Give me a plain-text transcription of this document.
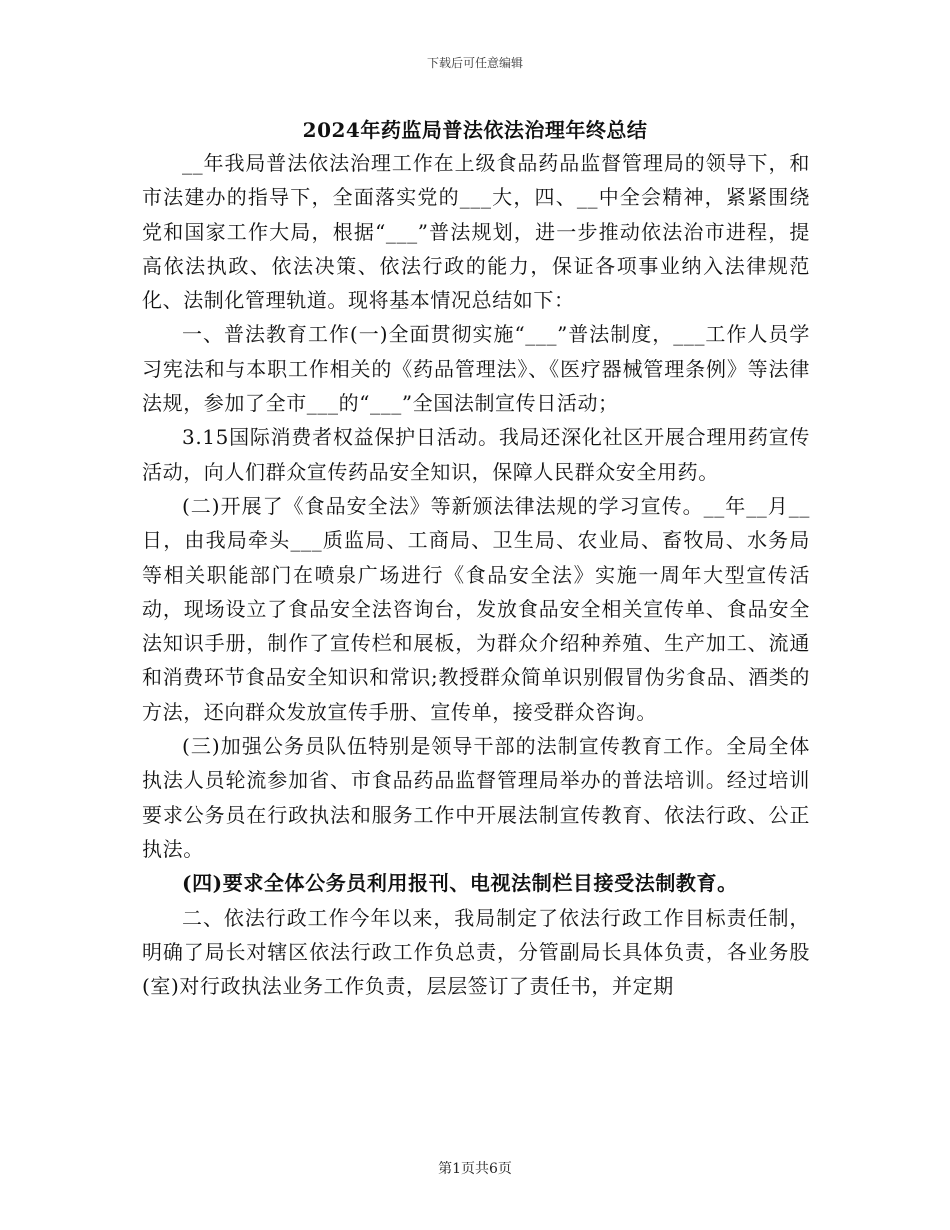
下载后可任意编辑
2024年药监局普法依法治理年终总结

__年我局普法依法治理工作在上级食品药品监督管理局的领导下，和市法建办的指导下，全面落实党的___大，四、__中全会精神，紧紧围绕党和国家工作大局，根据“___”普法规划，进一步推动依法治市进程，提高依法执政、依法决策、依法行政的能力，保证各项事业纳入法律规范化、法制化管理轨道。现将基本情况总结如下：

一、普法教育工作(一)全面贯彻实施“___”普法制度，___工作人员学习宪法和与本职工作相关的《药品管理法》、《医疗器械管理条例》等法律法规，参加了全市___的“___”全国法制宣传日活动；

3.15国际消费者权益保护日活动。我局还深化社区开展合理用药宣传活动，向人们群众宣传药品安全知识，保障人民群众安全用药。

(二)开展了《食品安全法》等新颁法律法规的学习宣传。__年__月__日，由我局牵头___质监局、工商局、卫生局、农业局、畜牧局、水务局等相关职能部门在喷泉广场进行《食品安全法》实施一周年大型宣传活动，现场设立了食品安全法咨询台，发放食品安全相关宣传单、食品安全法知识手册，制作了宣传栏和展板，为群众介绍种养殖、生产加工、流通和消费环节食品安全知识和常识;教授群众简单识别假冒伪劣食品、酒类的方法，还向群众发放宣传手册、宣传单，接受群众咨询。

(三)加强公务员队伍特别是领导干部的法制宣传教育工作。全局全体执法人员轮流参加省、市食品药品监督管理局举办的普法培训。经过培训要求公务员在行政执法和服务工作中开展法制宣传教育、依法行政、公正执法。

(四)要求全体公务员利用报刊、电视法制栏目接受法制教育。

二、依法行政工作今年以来，我局制定了依法行政工作目标责任制，明确了局长对辖区依法行政工作负总责，分管副局长具体负责，各业务股(室)对行政执法业务工作负责，层层签订了责任书，并定期

第1页共6页
